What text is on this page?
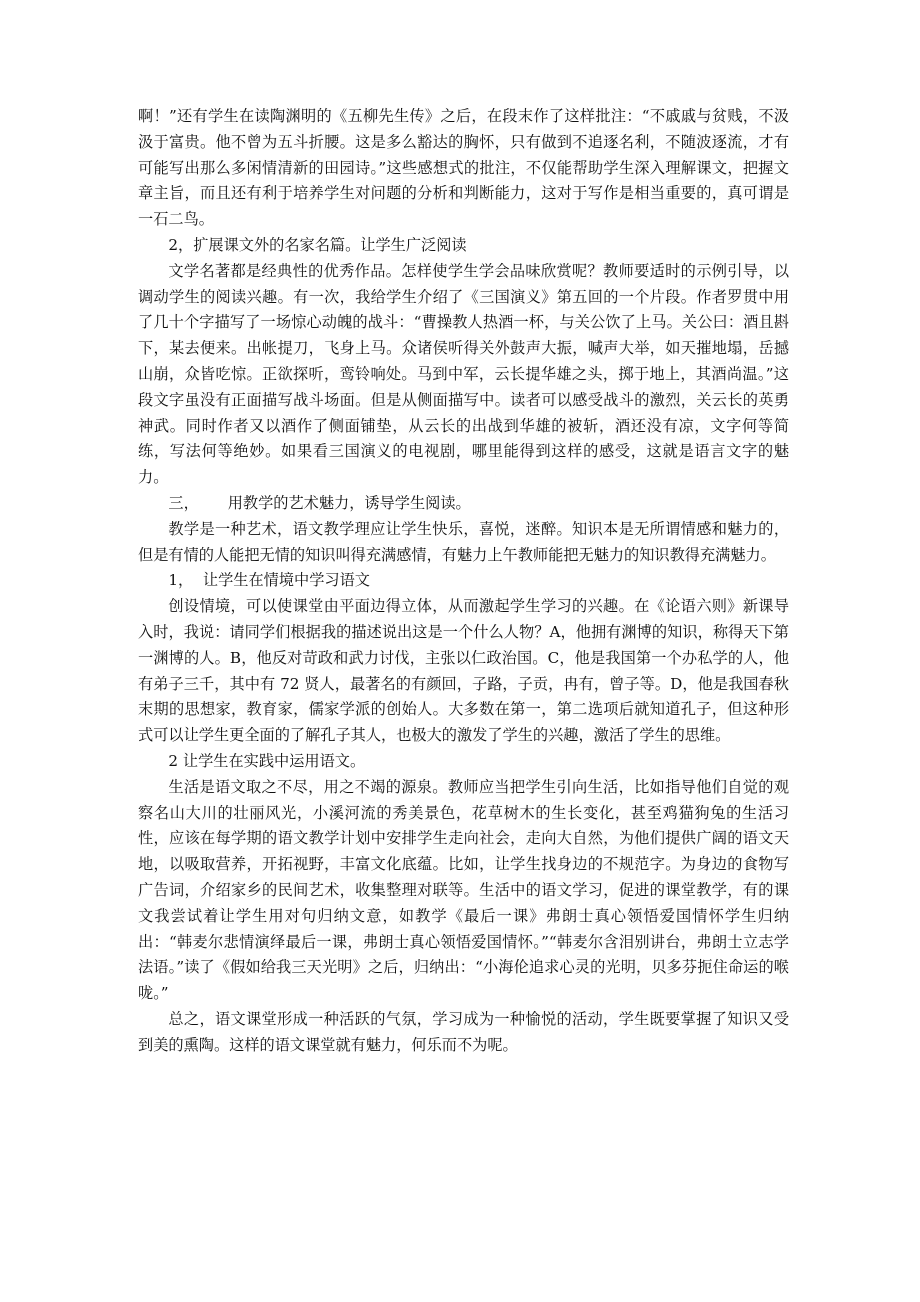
啊！”还有学生在读陶渊明的《五柳先生传》之后，在段末作了这样批注：“不戚戚与贫贱，不汲汲于富贵。他不曾为五斗折腰。这是多么豁达的胸怀，只有做到不追逐名利，不随波逐流，才有可能写出那么多闲情清新的田园诗。”这些感想式的批注，不仅能帮助学生深入理解课文，把握文章主旨，而且还有利于培养学生对问题的分析和判断能力，这对于写作是相当重要的，真可谓是一石二鸟。

2，扩展课文外的名家名篇。让学生广泛阅读

文学名著都是经典性的优秀作品。怎样使学生学会品味欣赏呢？教师要适时的示例引导，以调动学生的阅读兴趣。有一次，我给学生介绍了《三国演义》第五回的一个片段。作者罗贯中用了几十个字描写了一场惊心动魄的战斗：“曹操教人热酒一杯，与关公饮了上马。关公曰：酒且斟下，某去便来。出帐提刀，飞身上马。众诸侯听得关外鼓声大振，喊声大举，如天摧地塌，岳撼山崩，众皆吃惊。正欲探听，鸾铃响处。马到中军，云长提华雄之头，掷于地上，其酒尚温。”这段文字虽没有正面描写战斗场面。但是从侧面描写中。读者可以感受战斗的激烈，关云长的英勇神武。同时作者又以酒作了侧面铺垫，从云长的出战到华雄的被斩，酒还没有凉，文字何等简练，写法何等绝妙。如果看三国演义的电视剧，哪里能得到这样的感受，这就是语言文字的魅力。

三，      用教学的艺术魅力，诱导学生阅读。

教学是一种艺术，语文教学理应让学生快乐，喜悦，迷醉。知识本是无所谓情感和魅力的，但是有情的人能把无情的知识叫得充满感情，有魅力上午教师能把无魅力的知识教得充满魅力。

1，  让学生在情境中学习语文

创设情境，可以使课堂由平面边得立体，从而激起学生学习的兴趣。在《论语六则》新课导入时，我说：请同学们根据我的描述说出这是一个什么人物？A，他拥有渊博的知识，称得天下第一渊博的人。B，他反对苛政和武力讨伐，主张以仁政治国。C，他是我国第一个办私学的人，他有弟子三千，其中有 72 贤人，最著名的有颜回，子路，子贡，冉有，曾子等。D，他是我国春秋末期的思想家，教育家，儒家学派的创始人。大多数在第一，第二选项后就知道孔子，但这种形式可以让学生更全面的了解孔子其人，也极大的激发了学生的兴趣，激活了学生的思维。

2 让学生在实践中运用语文。

生活是语文取之不尽，用之不竭的源泉。教师应当把学生引向生活，比如指导他们自觉的观察名山大川的壮丽风光，小溪河流的秀美景色，花草树木的生长变化，甚至鸡猫狗兔的生活习性，应该在每学期的语文教学计划中安排学生走向社会，走向大自然，为他们提供广阔的语文天地，以吸取营养，开拓视野，丰富文化底蕴。比如，让学生找身边的不规范字。为身边的食物写广告词，介绍家乡的民间艺术，收集整理对联等。生活中的语文学习，促进的课堂教学，有的课文我尝试着让学生用对句归纳文意，如教学《最后一课》弗朗士真心领悟爱国情怀学生归纳出：“韩麦尔悲情演绎最后一课，弗朗士真心领悟爱国情怀。”“韩麦尔含泪别讲台，弗朗士立志学法语。”读了《假如给我三天光明》之后，归纳出：“小海伦追求心灵的光明，贝多芬扼住命运的喉咙。”

总之，语文课堂形成一种活跃的气氛，学习成为一种愉悦的活动，学生既要掌握了知识又受到美的熏陶。这样的语文课堂就有魅力，何乐而不为呢。
